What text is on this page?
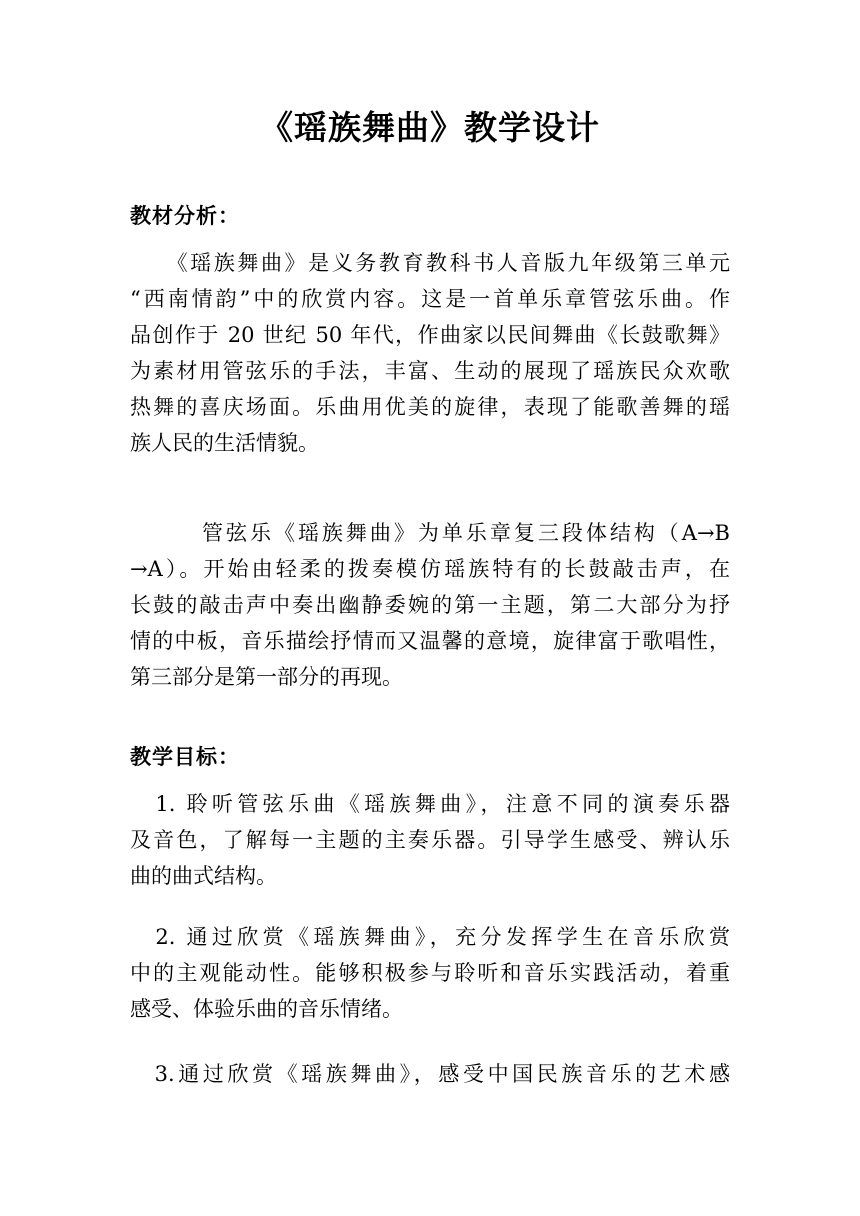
《瑶族舞曲》教学设计
教材分析：
　　《瑶族舞曲》是义务教育教科书人音版九年级第三单元
“西南情韵”中的欣赏内容。这是一首单乐章管弦乐曲。作
品创作于 20 世纪 50 年代，作曲家以民间舞曲《长鼓歌舞》
为素材用管弦乐的手法，丰富、生动的展现了瑶族民众欢歌
热舞的喜庆场面。乐曲用优美的旋律，表现了能歌善舞的瑶
族人民的生活情貌。
　　　管弦乐《瑶族舞曲》为单乐章复三段体结构（A→B
→A）。开始由轻柔的拨奏模仿瑶族特有的长鼓敲击声，在
长鼓的敲击声中奏出幽静委婉的第一主题，第二大部分为抒
情的中板，音乐描绘抒情而又温馨的意境，旋律富于歌唱性，
第三部分是第一部分的再现。
教学目标：
　1. 聆听管弦乐曲《瑶族舞曲》，注意不同的演奏乐器
及音色，了解每一主题的主奏乐器。引导学生感受、辨认乐
曲的曲式结构。
　2. 通过欣赏《瑶族舞曲》，充分发挥学生在音乐欣赏
中的主观能动性。能够积极参与聆听和音乐实践活动，着重
感受、体验乐曲的音乐情绪。
　3.通过欣赏《瑶族舞曲》，感受中国民族音乐的艺术感
